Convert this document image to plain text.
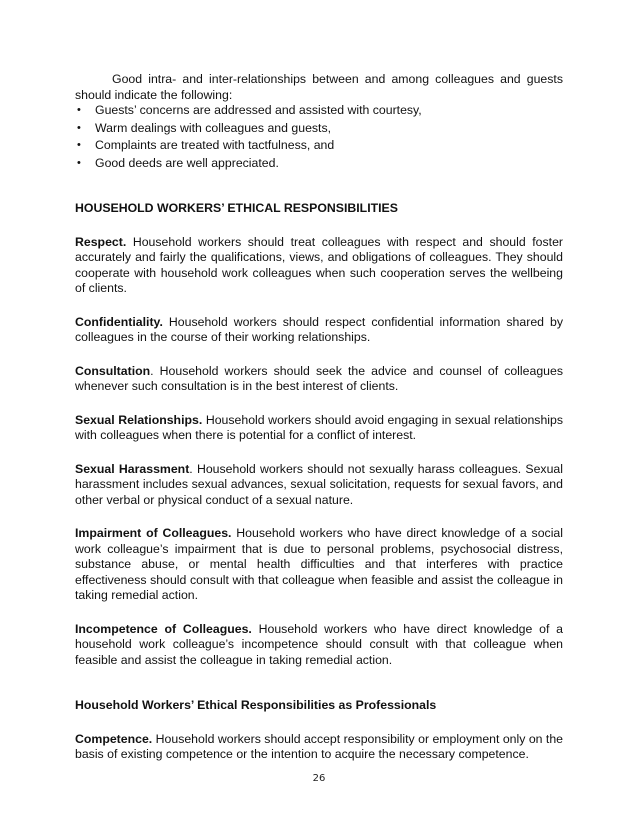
Good intra- and inter-relationships between and among colleagues and guests should indicate the following:

• Guests’ concerns are addressed and assisted with courtesy,
• Warm dealings with colleagues and guests,
• Complaints are treated with tactfulness, and
• Good deeds are well appreciated.
HOUSEHOLD WORKERS’ ETHICAL RESPONSIBILITIES

Respect. Household workers should treat colleagues with respect and should foster accurately and fairly the qualifications, views, and obligations of colleagues. They should cooperate with household work colleagues when such cooperation serves the wellbeing of clients.

Confidentiality. Household workers should respect confidential information shared by colleagues in the course of their working relationships.

Consultation. Household workers should seek the advice and counsel of colleagues whenever such consultation is in the best interest of clients.

Sexual Relationships. Household workers should avoid engaging in sexual relationships with colleagues when there is potential for a conflict of interest.

Sexual Harassment. Household workers should not sexually harass colleagues. Sexual harassment includes sexual advances, sexual solicitation, requests for sexual favors, and other verbal or physical conduct of a sexual nature.

Impairment of Colleagues. Household workers who have direct knowledge of a social work colleague’s impairment that is due to personal problems, psychosocial distress, substance abuse, or mental health difficulties and that interferes with practice effectiveness should consult with that colleague when feasible and assist the colleague in taking remedial action.

Incompetence of Colleagues. Household workers who have direct knowledge of a household work colleague’s incompetence should consult with that colleague when feasible and assist the colleague in taking remedial action.

Household Workers’ Ethical Responsibilities as Professionals

Competence. Household workers should accept responsibility or employment only on the basis of existing competence or the intention to acquire the necessary competence.

26
